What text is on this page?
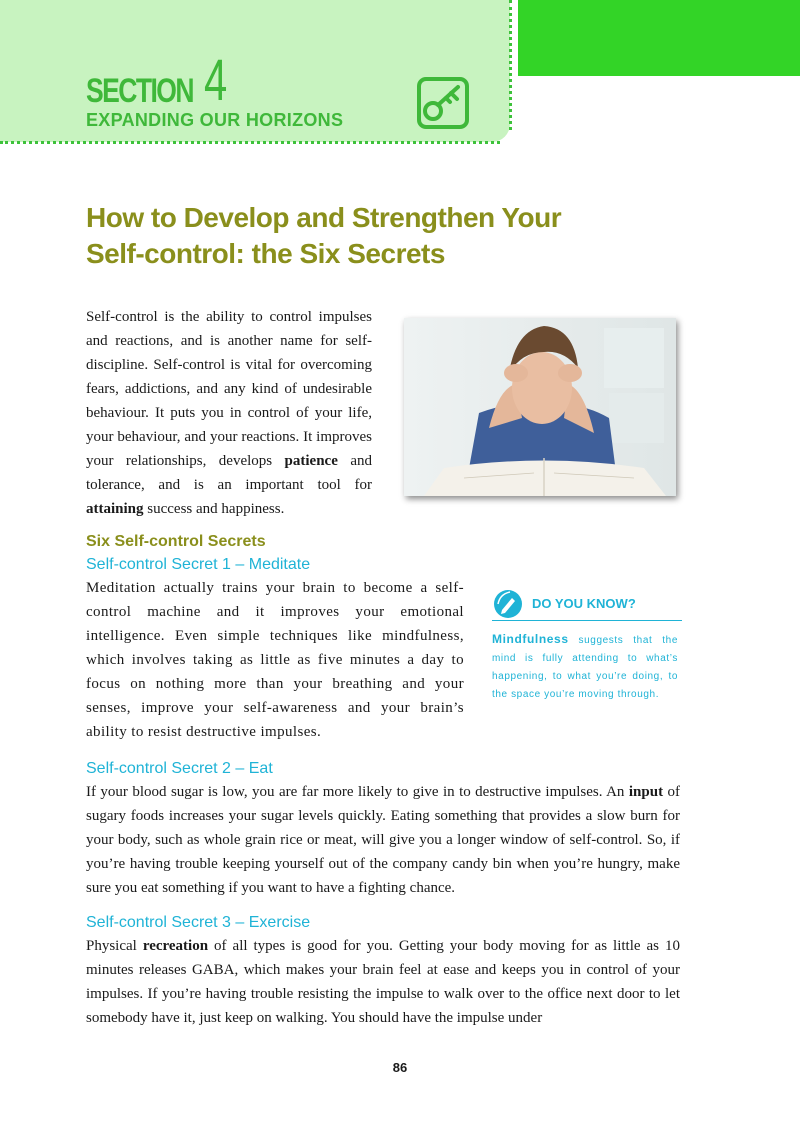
SECTION 4
EXPANDING OUR HORIZONS
How to Develop and Strengthen Your
Self-control: the Six Secrets
Self-control is the ability to control impulses and reactions, and is another name for self-discipline. Self-control is vital for overcoming fears, addictions, and any kind of undesirable behaviour. It puts you in control of your life, your behaviour, and your reactions. It improves your relationships, develops patience and tolerance, and is an important tool for attaining success and happiness.
Six Self-control Secrets
Self-control Secret 1 – Meditate
Meditation actually trains your brain to become a self-control machine and it improves your emotional intelligence. Even simple techniques like mindfulness, which involves taking as little as five minutes a day to focus on nothing more than your breathing and your senses, improve your self-awareness and your brain’s ability to resist destructive impulses.
DO YOU KNOW?
Mindfulness suggests that the mind is fully attending to what’s happening, to what you’re doing, to the space you’re moving through.
Self-control Secret 2 – Eat
If your blood sugar is low, you are far more likely to give in to destructive impulses. An input of sugary foods increases your sugar levels quickly. Eating something that provides a slow burn for your body, such as whole grain rice or meat, will give you a longer window of self-control. So, if you’re having trouble keeping yourself out of the company candy bin when you’re hungry, make sure you eat something if you want to have a fighting chance.
Self-control Secret 3 – Exercise
Physical recreation of all types is good for you. Getting your body moving for as little as 10 minutes releases GABA, which makes your brain feel at ease and keeps you in control of your impulses. If you’re having trouble resisting the impulse to walk over to the office next door to let somebody have it, just keep on walking. You should have the impulse under
86
